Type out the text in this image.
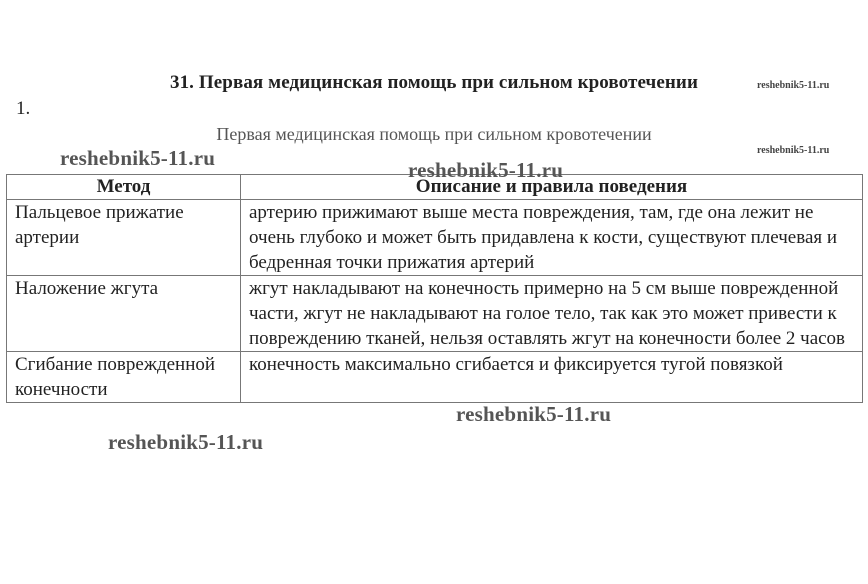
31. Первая медицинская помощь при сильном кровотечении
1.
Первая медицинская помощь при сильном кровотечении
reshebnik5-11.ru
reshebnik5-11.ru
Метод	Описание и правила поведения

Пальцевое прижатие артерии	артерию прижимают выше места повреждения, там, где она лежит не очень глубоко и может быть придавлена к кости, существуют плечевая и бедренная точки прижатия артерий

Наложение жгута	жгут накладывают на конечность примерно на 5 см выше поврежденной части, жгут не накладывают на голое тело, так как это может привести к повреждению тканей, нельзя оставлять жгут на конечности более 2 часов

Сгибание поврежденной конечности	конечность максимально сгибается и фиксируется тугой повязкой
reshebnik5-11.ru	reshebnik5-11.ru
reshebnik5-11.ru
reshebnik5-11.ru
